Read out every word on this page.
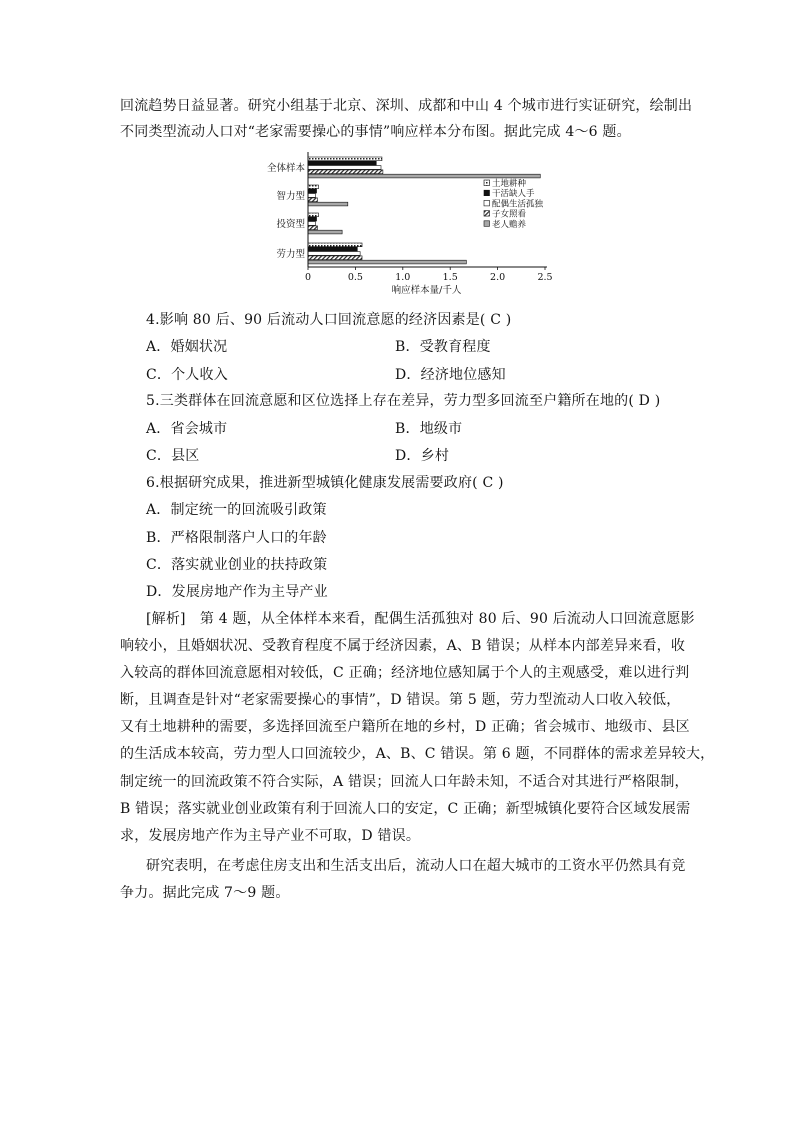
回流趋势日益显著。研究小组基于北京、深圳、成都和中山 4 个城市进行实证研究，绘制出

不同类型流动人口对“老家需要操心的事情”响应样本分布图。据此完成 4～6 题。

全体样本
智力型
投资型
劳力型
0	0.5	1.0	1.5	2.0	2.5
响应样本量/千人
土地耕种
干活缺人手
配偶生活孤独
子女照看
老人赡养

4.影响 80 后、90 后流动人口回流意愿的经济因素是( C )

A．婚姻状况	B．受教育程度

C．个人收入	D．经济地位感知

5.三类群体在回流意愿和区位选择上存在差异，劳力型多回流至户籍所在地的( D )

A．省会城市	B．地级市

C．县区	D．乡村

6.根据研究成果，推进新型城镇化健康发展需要政府( C )

A．制定统一的回流吸引政策

B．严格限制落户人口的年龄

C．落实就业创业的扶持政策

D．发展房地产作为主导产业

[解析]　第 4 题，从全体样本来看，配偶生活孤独对 80 后、90 后流动人口回流意愿影

响较小，且婚姻状况、受教育程度不属于经济因素，A、B 错误；从样本内部差异来看，收

入较高的群体回流意愿相对较低，C 正确；经济地位感知属于个人的主观感受，难以进行判

断，且调查是针对“老家需要操心的事情”，D 错误。第 5 题，劳力型流动人口收入较低，

又有土地耕种的需要，多选择回流至户籍所在地的乡村，D 正确；省会城市、地级市、县区

的生活成本较高，劳力型人口回流较少，A、B、C 错误。第 6 题，不同群体的需求差异较大，

制定统一的回流政策不符合实际，A 错误；回流人口年龄未知，不适合对其进行严格限制，

B 错误；落实就业创业政策有利于回流人口的安定，C 正确；新型城镇化要符合区域发展需

求，发展房地产作为主导产业不可取，D 错误。

研究表明，在考虑住房支出和生活支出后，流动人口在超大城市的工资水平仍然具有竞

争力。据此完成 7～9 题。
